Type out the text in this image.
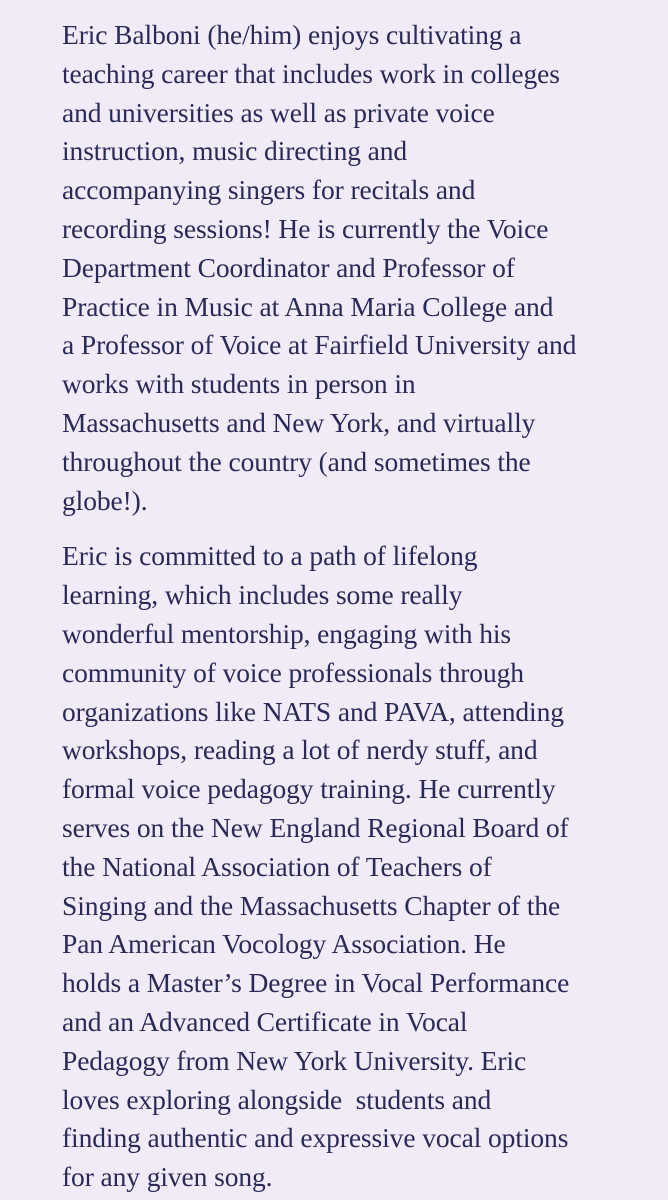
Eric Balboni (he/him) enjoys cultivating a
teaching career that includes work in colleges
and universities as well as private voice
instruction, music directing and
accompanying singers for recitals and
recording sessions! He is currently the Voice
Department Coordinator and Professor of
Practice in Music at Anna Maria College and
a Professor of Voice at Fairfield University and
works with students in person in
Massachusetts and New York, and virtually
throughout the country (and sometimes the
globe!).

Eric is committed to a path of lifelong
learning, which includes some really
wonderful mentorship, engaging with his
community of voice professionals through
organizations like NATS and PAVA, attending
workshops, reading a lot of nerdy stuff, and
formal voice pedagogy training. He currently
serves on the New England Regional Board of
the National Association of Teachers of
Singing and the Massachusetts Chapter of the
Pan American Vocology Association. He
holds a Master’s Degree in Vocal Performance
and an Advanced Certificate in Vocal
Pedagogy from New York University. Eric
loves exploring alongside  students and
finding authentic and expressive vocal options
for any given song.
